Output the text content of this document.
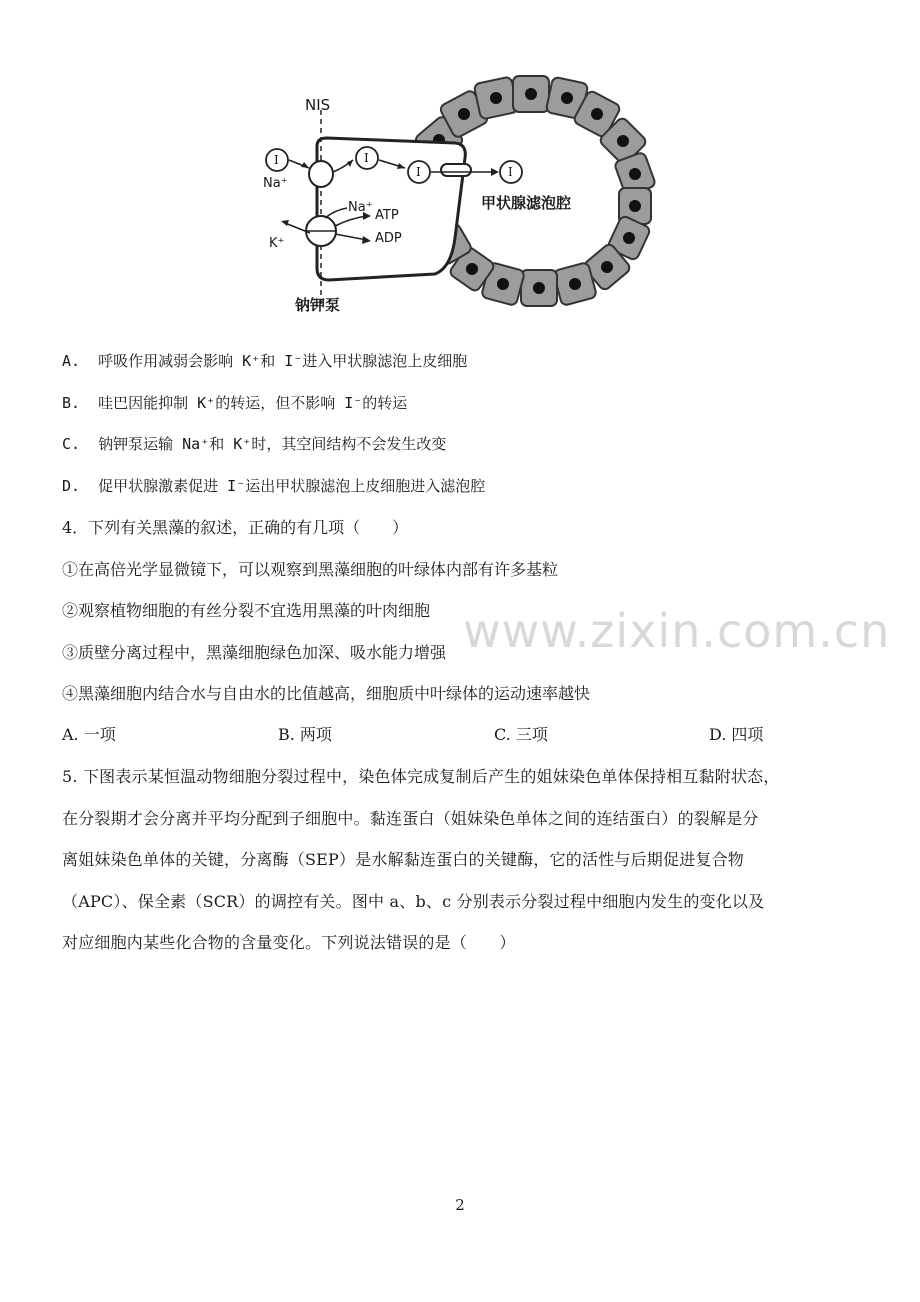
I	I
I	I
NIS
Na⁺
Na⁺
K⁺
ATP
ADP
甲状腺滤泡腔
钠钾泵
A. 呼吸作用减弱会影响 K⁺和 I⁻进入甲状腺滤泡上皮细胞
B. 哇巴因能抑制 K⁺的转运，但不影响 I⁻的转运
C. 钠钾泵运输 Na⁺和 K⁺时，其空间结构不会发生改变
D. 促甲状腺激素促进 I⁻运出甲状腺滤泡上皮细胞进入滤泡腔
4．下列有关黑藻的叙述，正确的有几项（　　）
①在高倍光学显微镜下，可以观察到黑藻细胞的叶绿体内部有许多基粒
②观察植物细胞的有丝分裂不宜选用黑藻的叶肉细胞
③质壁分离过程中，黑藻细胞绿色加深、吸水能力增强
④黑藻细胞内结合水与自由水的比值越高，细胞质中叶绿体的运动速率越快
www.zixin.com.cn
A. 一项	B. 两项	C. 三项	D. 四项
5. 下图表示某恒温动物细胞分裂过程中，染色体完成复制后产生的姐妹染色单体保持相互黏附状态，
在分裂期才会分离并平均分配到子细胞中。黏连蛋白（姐妹染色单体之间的连结蛋白）的裂解是分
离姐妹染色单体的关键，分离酶（SEP）是水解黏连蛋白的关键酶，它的活性与后期促进复合物
（APC）、保全素（SCR）的调控有关。图中 a、b、c 分别表示分裂过程中细胞内发生的变化以及
对应细胞内某些化合物的含量变化。下列说法错误的是（　　）
2
